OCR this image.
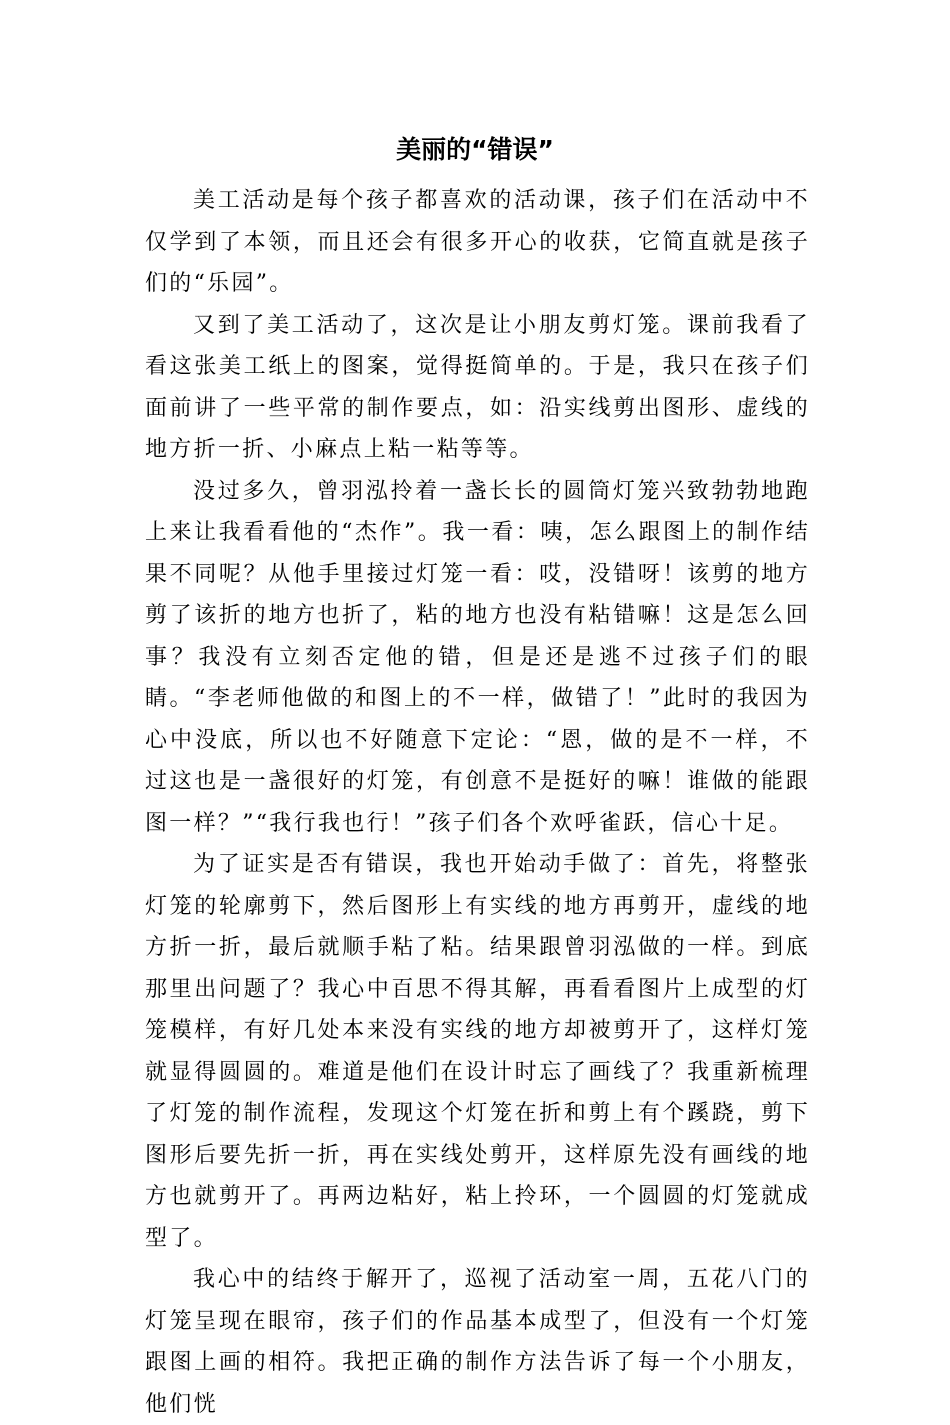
美丽的“错误”

美工活动是每个孩子都喜欢的活动课，孩子们在活动中不仅学到了本领，而且还会有很多开心的收获，它简直就是孩子们的“乐园”。

又到了美工活动了，这次是让小朋友剪灯笼。课前我看了看这张美工纸上的图案，觉得挺简单的。于是，我只在孩子们面前讲了一些平常的制作要点，如：沿实线剪出图形、虚线的地方折一折、小麻点上粘一粘等等。

没过多久，曾羽泓拎着一盏长长的圆筒灯笼兴致勃勃地跑上来让我看看他的“杰作”。我一看：咦，怎么跟图上的制作结果不同呢？从他手里接过灯笼一看：哎，没错呀！该剪的地方剪了该折的地方也折了，粘的地方也没有粘错嘛！这是怎么回事？我没有立刻否定他的错，但是还是逃不过孩子们的眼睛。“李老师他做的和图上的不一样，做错了！”此时的我因为心中没底，所以也不好随意下定论：“恩，做的是不一样，不过这也是一盏很好的灯笼，有创意不是挺好的嘛！谁做的能跟图一样？”“我行我也行！”孩子们各个欢呼雀跃，信心十足。

为了证实是否有错误，我也开始动手做了：首先，将整张灯笼的轮廓剪下，然后图形上有实线的地方再剪开，虚线的地方折一折，最后就顺手粘了粘。结果跟曾羽泓做的一样。到底那里出问题了？我心中百思不得其解，再看看图片上成型的灯笼模样，有好几处本来没有实线的地方却被剪开了，这样灯笼就显得圆圆的。难道是他们在设计时忘了画线了？我重新梳理了灯笼的制作流程，发现这个灯笼在折和剪上有个蹊跷，剪下图形后要先折一折，再在实线处剪开，这样原先没有画线的地方也就剪开了。再两边粘好，粘上拎环，一个圆圆的灯笼就成型了。

我心中的结终于解开了，巡视了活动室一周，五花八门的灯笼呈现在眼帘，孩子们的作品基本成型了，但没有一个灯笼跟图上画的相符。我把正确的制作方法告诉了每一个小朋友，他们恍
